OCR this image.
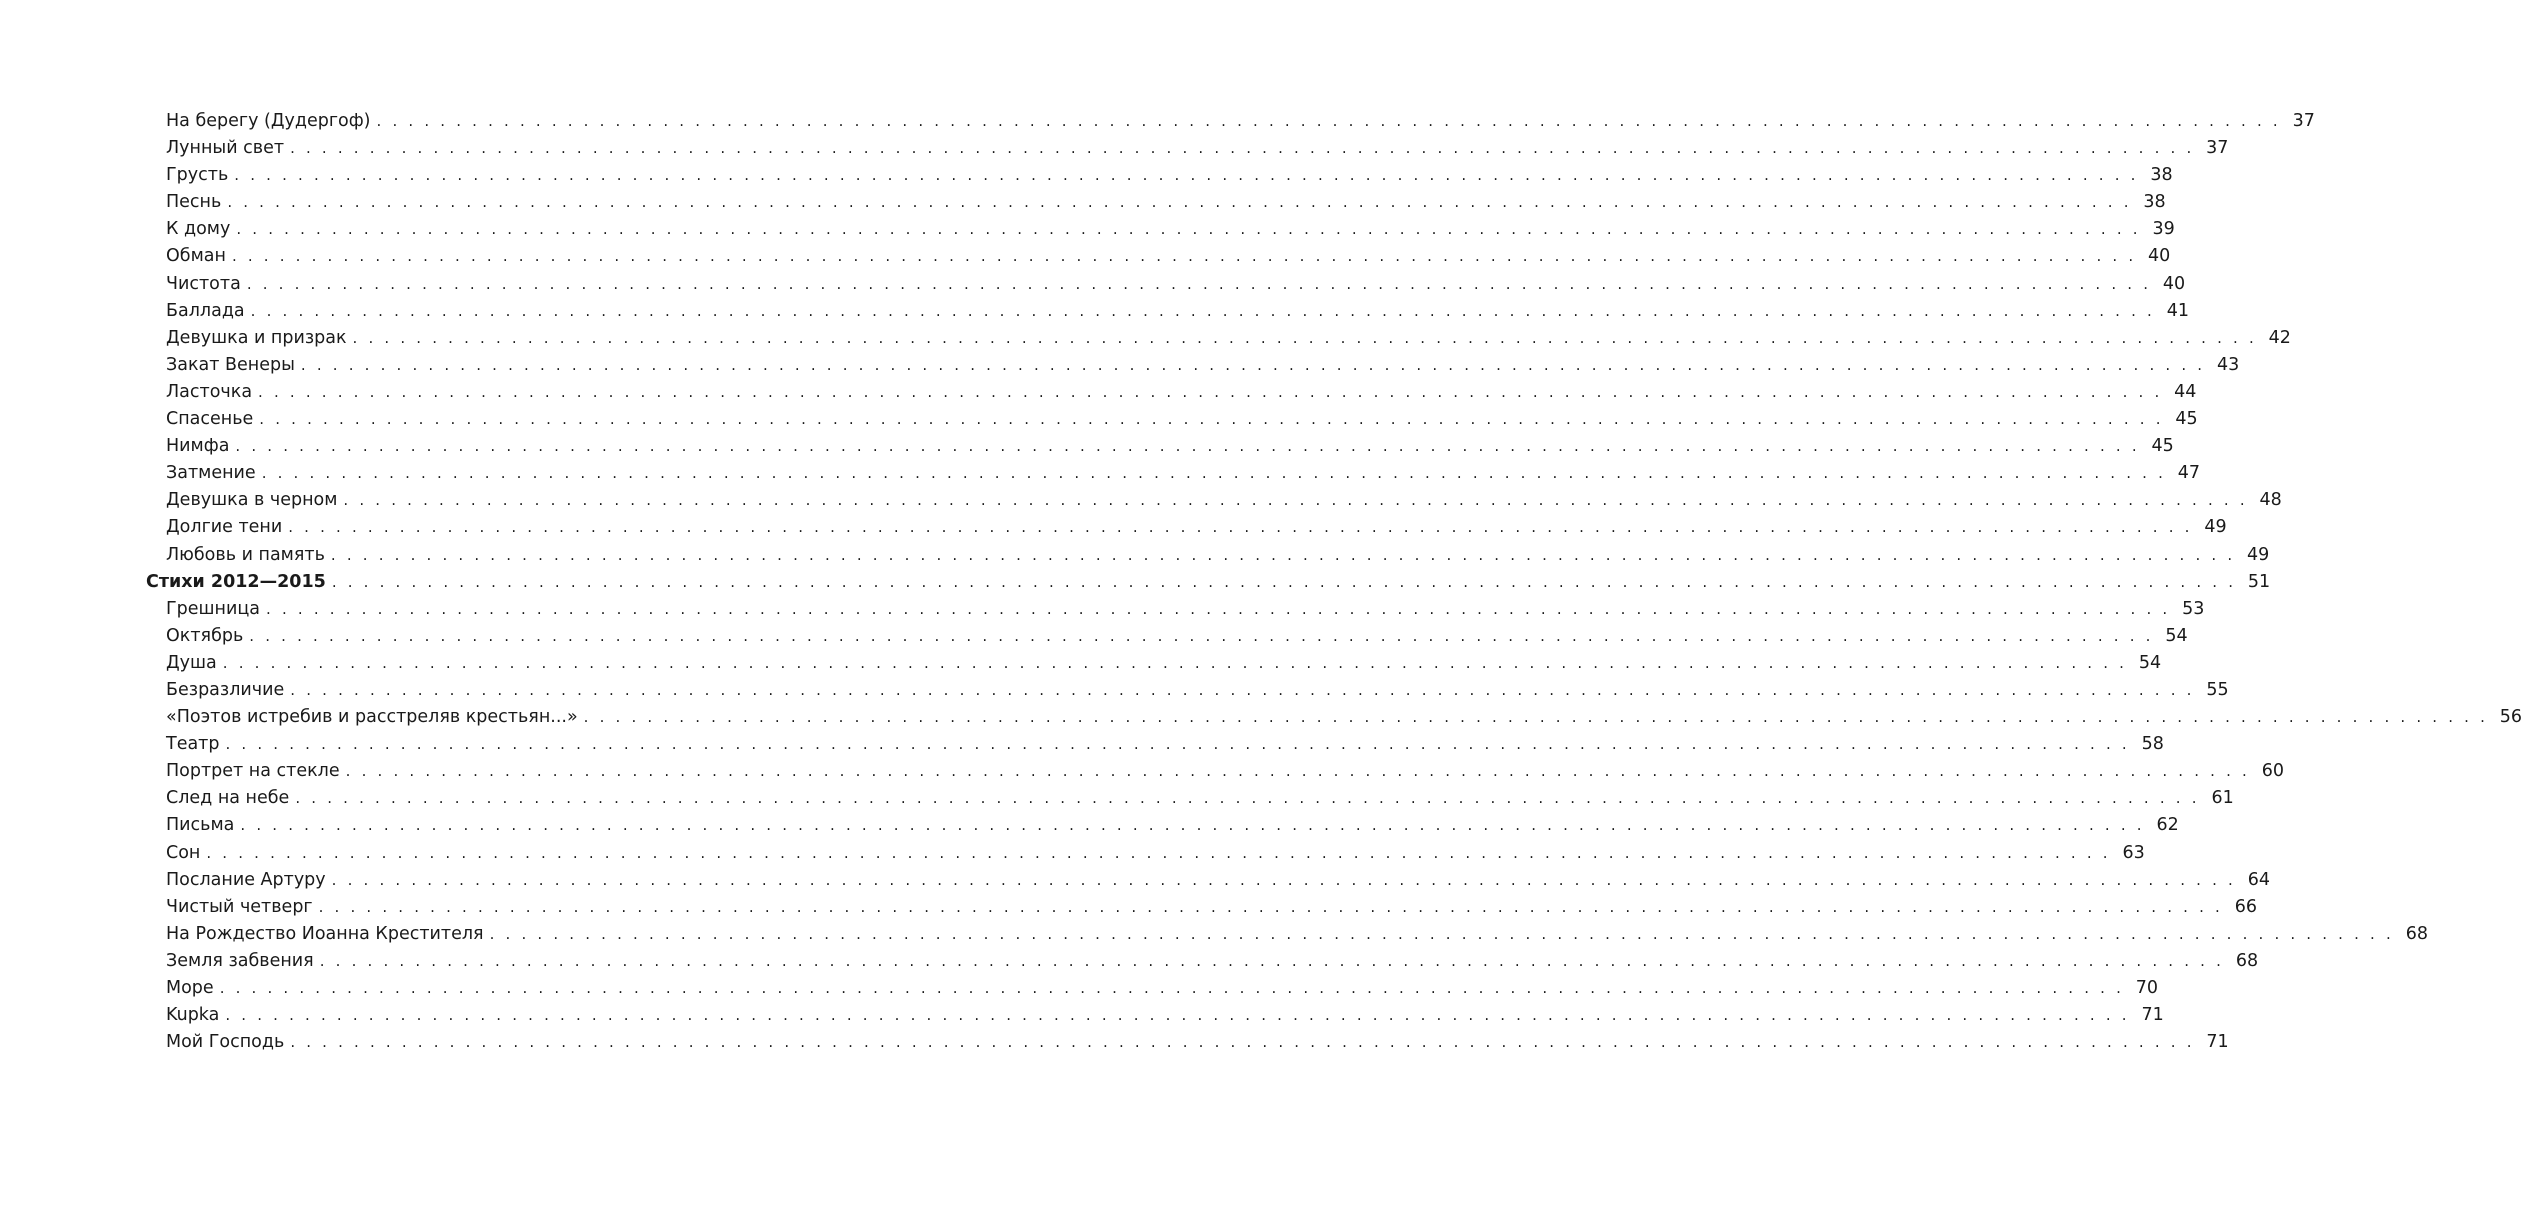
На берегу (Дудергоф) . . . . . . . . . . . . . . . . . . . . . . . . . . . . . . . . . . . . . . . . . . . . . . . . . . . . . . . . . . . . . . . . . . . . . . . . . . . . . . . . . . . . . . . . . . . . . . . . . . . . . . . . . . . . . . . . . . . . . . . . 37
Лунный свет . . . . . . . . . . . . . . . . . . . . . . . . . . . . . . . . . . . . . . . . . . . . . . . . . . . . . . . . . . . . . . . . . . . . . . . . . . . . . . . . . . . . . . . . . . . . . . . . . . . . . . . . . . . . . . . . . . . . . . . . 37
Грусть . . . . . . . . . . . . . . . . . . . . . . . . . . . . . . . . . . . . . . . . . . . . . . . . . . . . . . . . . . . . . . . . . . . . . . . . . . . . . . . . . . . . . . . . . . . . . . . . . . . . . . . . . . . . . . . . . . . . . . . . 38
Песнь . . . . . . . . . . . . . . . . . . . . . . . . . . . . . . . . . . . . . . . . . . . . . . . . . . . . . . . . . . . . . . . . . . . . . . . . . . . . . . . . . . . . . . . . . . . . . . . . . . . . . . . . . . . . . . . . . . . . . . . . 38
К дому . . . . . . . . . . . . . . . . . . . . . . . . . . . . . . . . . . . . . . . . . . . . . . . . . . . . . . . . . . . . . . . . . . . . . . . . . . . . . . . . . . . . . . . . . . . . . . . . . . . . . . . . . . . . . . . . . . . . . . . . 39
Обман . . . . . . . . . . . . . . . . . . . . . . . . . . . . . . . . . . . . . . . . . . . . . . . . . . . . . . . . . . . . . . . . . . . . . . . . . . . . . . . . . . . . . . . . . . . . . . . . . . . . . . . . . . . . . . . . . . . . . . . . 40
Чистота . . . . . . . . . . . . . . . . . . . . . . . . . . . . . . . . . . . . . . . . . . . . . . . . . . . . . . . . . . . . . . . . . . . . . . . . . . . . . . . . . . . . . . . . . . . . . . . . . . . . . . . . . . . . . . . . . . . . . . . . 40
Баллада . . . . . . . . . . . . . . . . . . . . . . . . . . . . . . . . . . . . . . . . . . . . . . . . . . . . . . . . . . . . . . . . . . . . . . . . . . . . . . . . . . . . . . . . . . . . . . . . . . . . . . . . . . . . . . . . . . . . . . . . 41
Девушка и призрак . . . . . . . . . . . . . . . . . . . . . . . . . . . . . . . . . . . . . . . . . . . . . . . . . . . . . . . . . . . . . . . . . . . . . . . . . . . . . . . . . . . . . . . . . . . . . . . . . . . . . . . . . . . . . . . . . . . . . . . . 42
Закат Венеры . . . . . . . . . . . . . . . . . . . . . . . . . . . . . . . . . . . . . . . . . . . . . . . . . . . . . . . . . . . . . . . . . . . . . . . . . . . . . . . . . . . . . . . . . . . . . . . . . . . . . . . . . . . . . . . . . . . . . . . . 43
Ласточка . . . . . . . . . . . . . . . . . . . . . . . . . . . . . . . . . . . . . . . . . . . . . . . . . . . . . . . . . . . . . . . . . . . . . . . . . . . . . . . . . . . . . . . . . . . . . . . . . . . . . . . . . . . . . . . . . . . . . . . . 44
Спасенье . . . . . . . . . . . . . . . . . . . . . . . . . . . . . . . . . . . . . . . . . . . . . . . . . . . . . . . . . . . . . . . . . . . . . . . . . . . . . . . . . . . . . . . . . . . . . . . . . . . . . . . . . . . . . . . . . . . . . . . . 45
Нимфа . . . . . . . . . . . . . . . . . . . . . . . . . . . . . . . . . . . . . . . . . . . . . . . . . . . . . . . . . . . . . . . . . . . . . . . . . . . . . . . . . . . . . . . . . . . . . . . . . . . . . . . . . . . . . . . . . . . . . . . . 45
Затмение . . . . . . . . . . . . . . . . . . . . . . . . . . . . . . . . . . . . . . . . . . . . . . . . . . . . . . . . . . . . . . . . . . . . . . . . . . . . . . . . . . . . . . . . . . . . . . . . . . . . . . . . . . . . . . . . . . . . . . . . 47
Девушка в черном . . . . . . . . . . . . . . . . . . . . . . . . . . . . . . . . . . . . . . . . . . . . . . . . . . . . . . . . . . . . . . . . . . . . . . . . . . . . . . . . . . . . . . . . . . . . . . . . . . . . . . . . . . . . . . . . . . . . . . . . 48
Долгие тени . . . . . . . . . . . . . . . . . . . . . . . . . . . . . . . . . . . . . . . . . . . . . . . . . . . . . . . . . . . . . . . . . . . . . . . . . . . . . . . . . . . . . . . . . . . . . . . . . . . . . . . . . . . . . . . . . . . . . . . . 49
Любовь и память . . . . . . . . . . . . . . . . . . . . . . . . . . . . . . . . . . . . . . . . . . . . . . . . . . . . . . . . . . . . . . . . . . . . . . . . . . . . . . . . . . . . . . . . . . . . . . . . . . . . . . . . . . . . . . . . . . . . . . . . 49
Стихи 2012—2015 . . . . . . . . . . . . . . . . . . . . . . . . . . . . . . . . . . . . . . . . . . . . . . . . . . . . . . . . . . . . . . . . . . . . . . . . . . . . . . . . . . . . . . . . . . . . . . . . . . . . . . . . . . . . . . . . . . . . . . . . 51
Грешница . . . . . . . . . . . . . . . . . . . . . . . . . . . . . . . . . . . . . . . . . . . . . . . . . . . . . . . . . . . . . . . . . . . . . . . . . . . . . . . . . . . . . . . . . . . . . . . . . . . . . . . . . . . . . . . . . . . . . . . . 53
Октябрь . . . . . . . . . . . . . . . . . . . . . . . . . . . . . . . . . . . . . . . . . . . . . . . . . . . . . . . . . . . . . . . . . . . . . . . . . . . . . . . . . . . . . . . . . . . . . . . . . . . . . . . . . . . . . . . . . . . . . . . . 54
Душа . . . . . . . . . . . . . . . . . . . . . . . . . . . . . . . . . . . . . . . . . . . . . . . . . . . . . . . . . . . . . . . . . . . . . . . . . . . . . . . . . . . . . . . . . . . . . . . . . . . . . . . . . . . . . . . . . . . . . . . . 54
Безразличие . . . . . . . . . . . . . . . . . . . . . . . . . . . . . . . . . . . . . . . . . . . . . . . . . . . . . . . . . . . . . . . . . . . . . . . . . . . . . . . . . . . . . . . . . . . . . . . . . . . . . . . . . . . . . . . . . . . . . . . . 55
«Поэтов истребив и расстреляв крестьян...» . . . . . . . . . . . . . . . . . . . . . . . . . . . . . . . . . . . . . . . . . . . . . . . . . . . . . . . . . . . . . . . . . . . . . . . . . . . . . . . . . . . . . . . . . . . . . . . . . . . . . . . . . . . . . . . . . . . . . . . . 56
Театр . . . . . . . . . . . . . . . . . . . . . . . . . . . . . . . . . . . . . . . . . . . . . . . . . . . . . . . . . . . . . . . . . . . . . . . . . . . . . . . . . . . . . . . . . . . . . . . . . . . . . . . . . . . . . . . . . . . . . . . . 58
Портрет на стекле . . . . . . . . . . . . . . . . . . . . . . . . . . . . . . . . . . . . . . . . . . . . . . . . . . . . . . . . . . . . . . . . . . . . . . . . . . . . . . . . . . . . . . . . . . . . . . . . . . . . . . . . . . . . . . . . . . . . . . . . 60
След на небе . . . . . . . . . . . . . . . . . . . . . . . . . . . . . . . . . . . . . . . . . . . . . . . . . . . . . . . . . . . . . . . . . . . . . . . . . . . . . . . . . . . . . . . . . . . . . . . . . . . . . . . . . . . . . . . . . . . . . . . . 61
Письма . . . . . . . . . . . . . . . . . . . . . . . . . . . . . . . . . . . . . . . . . . . . . . . . . . . . . . . . . . . . . . . . . . . . . . . . . . . . . . . . . . . . . . . . . . . . . . . . . . . . . . . . . . . . . . . . . . . . . . . . 62
Сон . . . . . . . . . . . . . . . . . . . . . . . . . . . . . . . . . . . . . . . . . . . . . . . . . . . . . . . . . . . . . . . . . . . . . . . . . . . . . . . . . . . . . . . . . . . . . . . . . . . . . . . . . . . . . . . . . . . . . . . . 63
Послание Артуру . . . . . . . . . . . . . . . . . . . . . . . . . . . . . . . . . . . . . . . . . . . . . . . . . . . . . . . . . . . . . . . . . . . . . . . . . . . . . . . . . . . . . . . . . . . . . . . . . . . . . . . . . . . . . . . . . . . . . . . . 64
Чистый четверг . . . . . . . . . . . . . . . . . . . . . . . . . . . . . . . . . . . . . . . . . . . . . . . . . . . . . . . . . . . . . . . . . . . . . . . . . . . . . . . . . . . . . . . . . . . . . . . . . . . . . . . . . . . . . . . . . . . . . . . . 66
На Рождество Иоанна Крестителя . . . . . . . . . . . . . . . . . . . . . . . . . . . . . . . . . . . . . . . . . . . . . . . . . . . . . . . . . . . . . . . . . . . . . . . . . . . . . . . . . . . . . . . . . . . . . . . . . . . . . . . . . . . . . . . . . . . . . . . . 68
Земля забвения . . . . . . . . . . . . . . . . . . . . . . . . . . . . . . . . . . . . . . . . . . . . . . . . . . . . . . . . . . . . . . . . . . . . . . . . . . . . . . . . . . . . . . . . . . . . . . . . . . . . . . . . . . . . . . . . . . . . . . . . 68
Море . . . . . . . . . . . . . . . . . . . . . . . . . . . . . . . . . . . . . . . . . . . . . . . . . . . . . . . . . . . . . . . . . . . . . . . . . . . . . . . . . . . . . . . . . . . . . . . . . . . . . . . . . . . . . . . . . . . . . . . . 70
Kupka . . . . . . . . . . . . . . . . . . . . . . . . . . . . . . . . . . . . . . . . . . . . . . . . . . . . . . . . . . . . . . . . . . . . . . . . . . . . . . . . . . . . . . . . . . . . . . . . . . . . . . . . . . . . . . . . . . . . . . . . 71
Мой Господь . . . . . . . . . . . . . . . . . . . . . . . . . . . . . . . . . . . . . . . . . . . . . . . . . . . . . . . . . . . . . . . . . . . . . . . . . . . . . . . . . . . . . . . . . . . . . . . . . . . . . . . . . . . . . . . . . . . . . . . . 71
